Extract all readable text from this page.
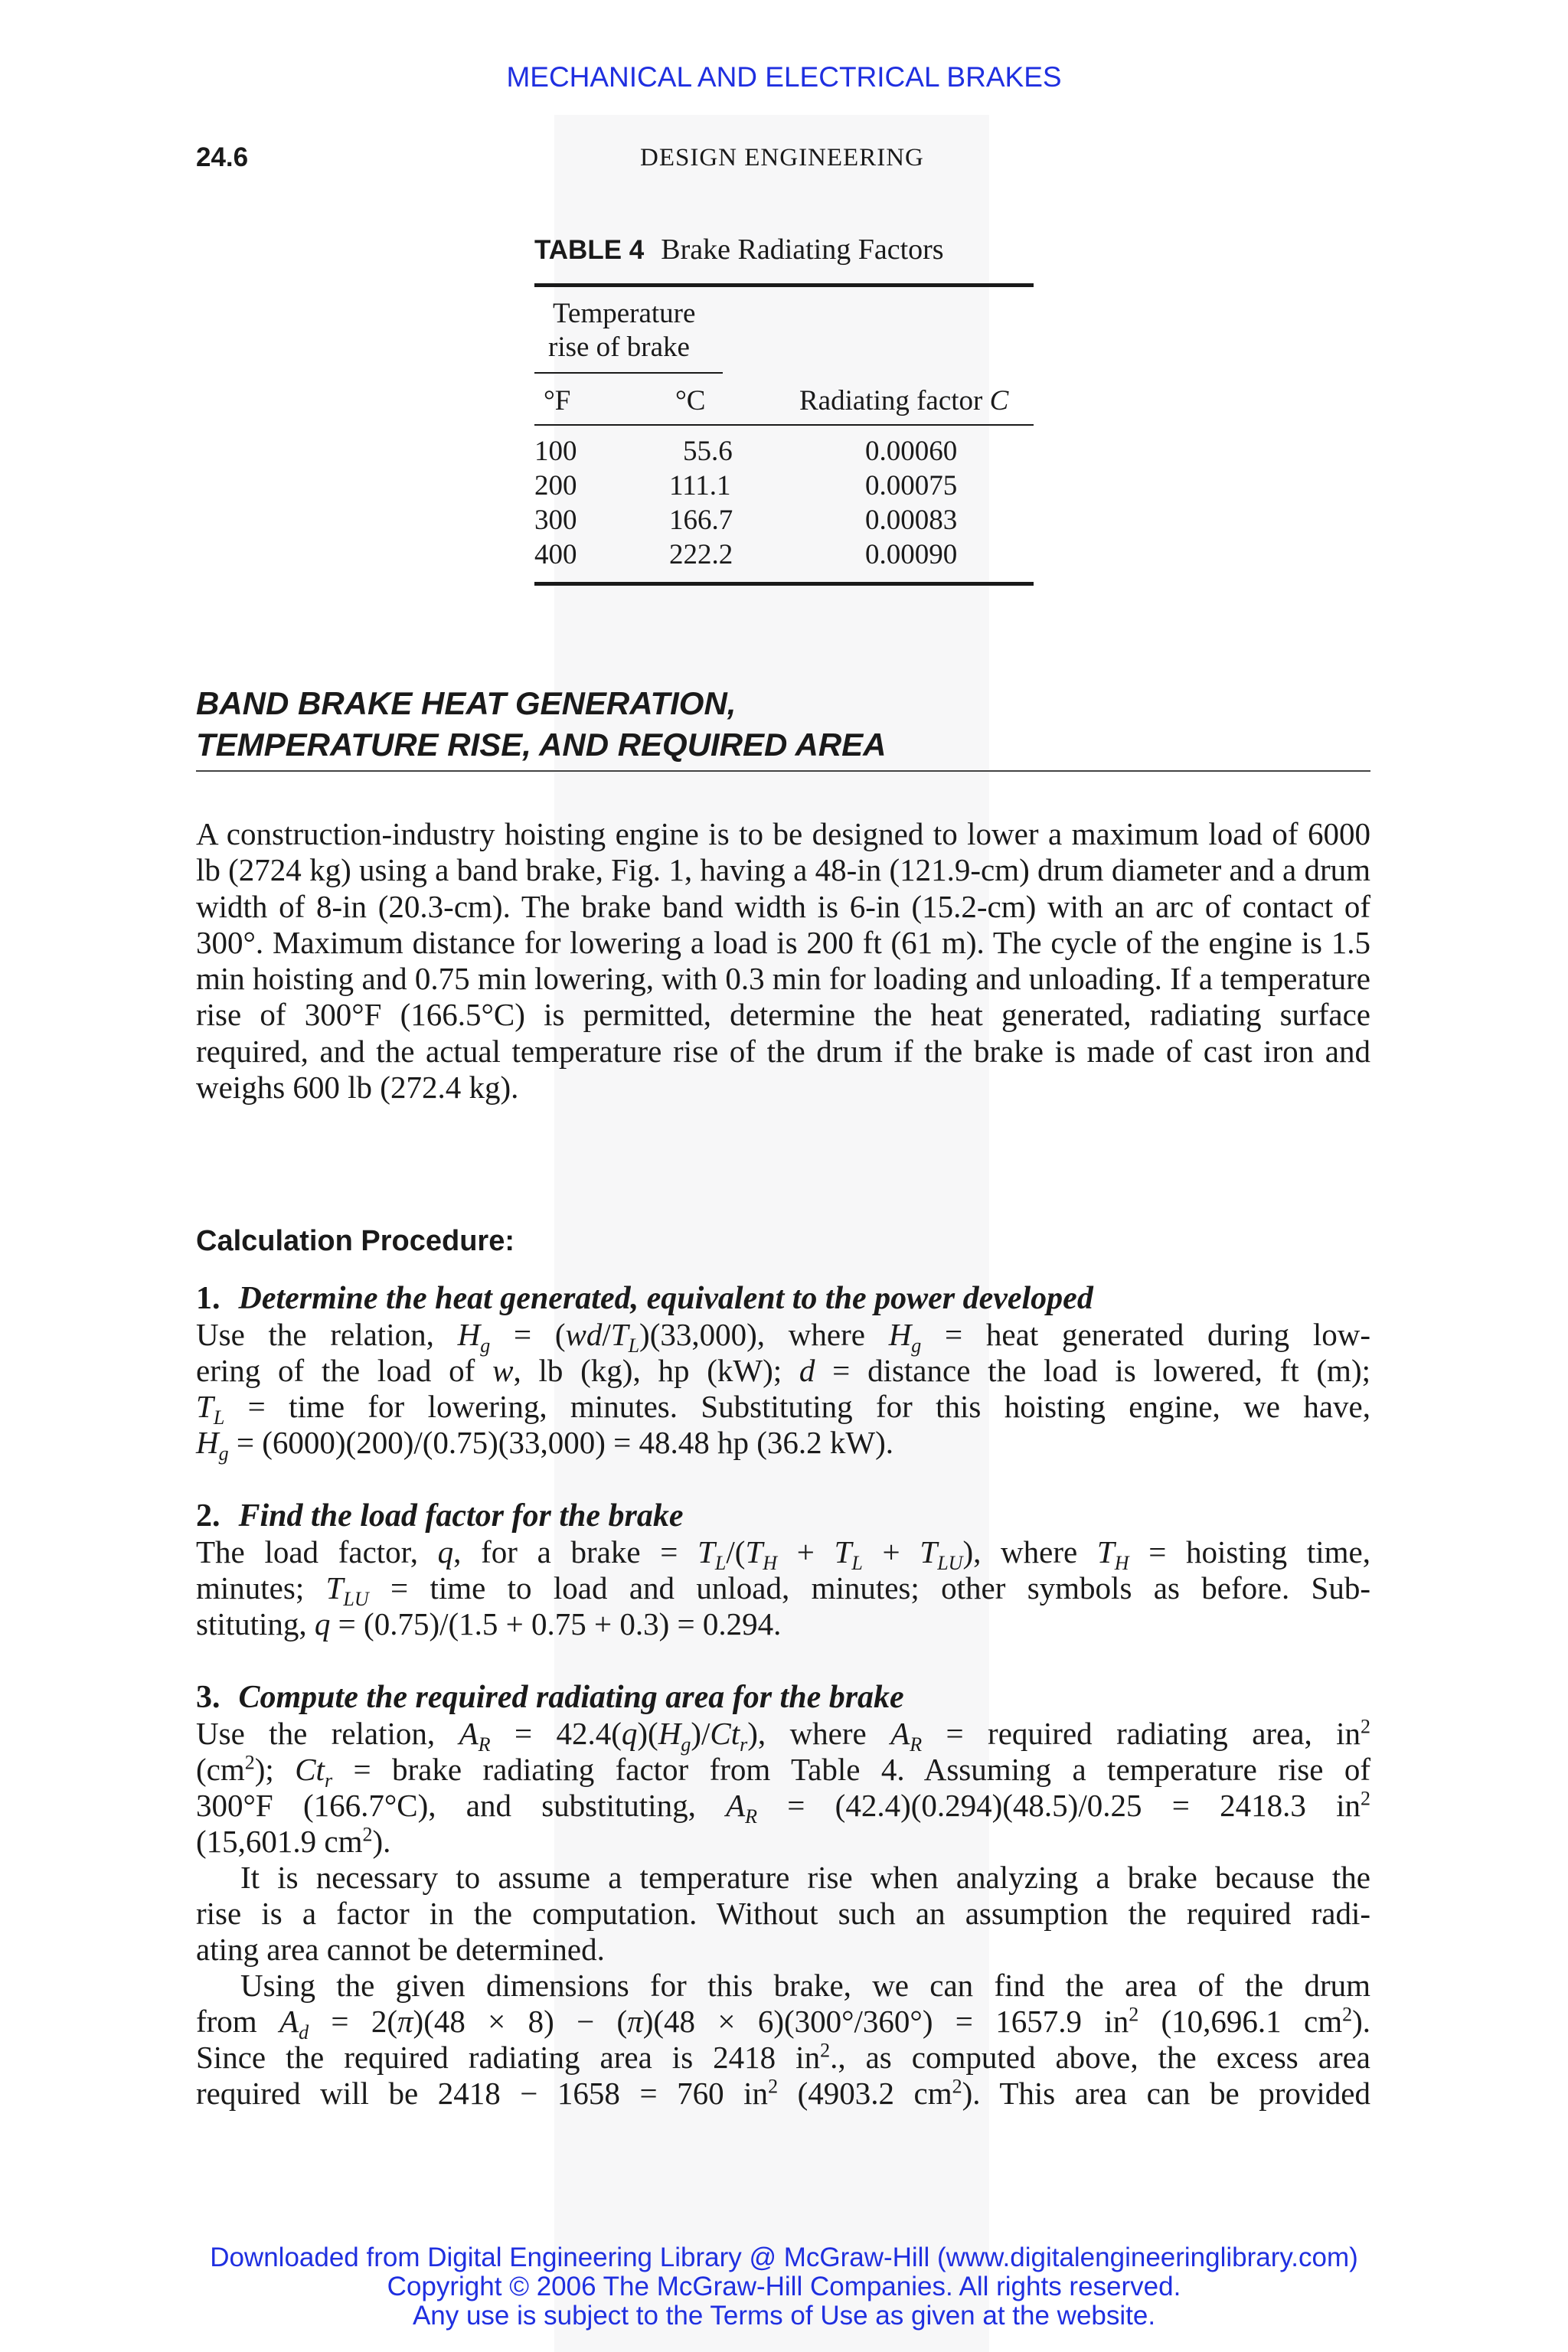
MECHANICAL AND ELECTRICAL BRAKES
24.6	DESIGN ENGINEERING
TABLE 4 Brake Radiating Factors
Temperature
rise of brake
°F	°C	Radiating factor C
100	55.6	0.00060
200	111.1	0.00075
300	166.7	0.00083
400	222.2	0.00090
BAND BRAKE HEAT GENERATION,
TEMPERATURE RISE, AND REQUIRED AREA
A construction-industry hoisting engine is to be designed to lower a maximum load of 6000 lb (2724 kg) using a band brake, Fig. 1, having a 48-in (121.9-cm) drum diameter and a drum width of 8-in (20.3-cm). The brake band width is 6-in (15.2-cm) with an arc of contact of 300°. Maximum distance for lowering a load is 200 ft (61 m). The cycle of the engine is 1.5 min hoisting and 0.75 min lowering, with 0.3 min for loading and unloading. If a temperature rise of 300°F (166.5°C) is permitted, determine the heat generated, radiating surface required, and the actual temperature rise of the drum if the brake is made of cast iron and weighs 600 lb (272.4 kg).
Calculation Procedure:
1. Determine the heat generated, equivalent to the power developed
Use the relation, $H_g = (wd/T_L)(33,000)$, where $H_g$ = heat generated during low-
ering of the load of w, lb (kg), hp (kW); d = distance the load is lowered, ft (m);
$T_L$ = time for lowering, minutes. Substituting for this hoisting engine, we have,
$H_g = (6000)(200)/(0.75)(33,000) = 48.48$ hp (36.2 kW).
2. Find the load factor for the brake
The load factor, q, for a brake = $T_L/(T_H + T_L + T_{LU})$, where $T_H$ = hoisting time,
minutes; $T_{LU}$ = time to load and unload, minutes; other symbols as before. Sub-
stituting, q = (0.75)/(1.5 + 0.75 + 0.3) = 0.294.
3. Compute the required radiating area for the brake
Use the relation, $A_R = 42.4(q)(H_g)/Ct_r$), where $A_R$ = required radiating area, $in^2$
$(cm^2)$; $Ct_r$ = brake radiating factor from Table 4. Assuming a temperature rise of
300°F (166.7°C), and substituting, $A_R = (42.4)(0.294)(48.5)/0.25 = 2418.3$ $in^2$
(15,601.9 $cm^2$).
It is necessary to assume a temperature rise when analyzing a brake because the
rise is a factor in the computation. Without such an assumption the required radi-
ating area cannot be determined.
Using the given dimensions for this brake, we can find the area of the drum
from $A_d = 2(\pi)(48 \times 8) - (\pi)(48 \times 6)(300^\circ/360^\circ) = 1657.9$ $in^2$ (10,696.1 $cm^2$).
Since the required radiating area is 2418 $in^2$., as computed above, the excess area
required will be 2418 − 1658 = 760 $in^2$ (4903.2 $cm^2$). This area can be provided
Downloaded from Digital Engineering Library @ McGraw-Hill (www.digitalengineeringlibrary.com)
Copyright © 2006 The McGraw-Hill Companies. All rights reserved.
Any use is subject to the Terms of Use as given at the website.
